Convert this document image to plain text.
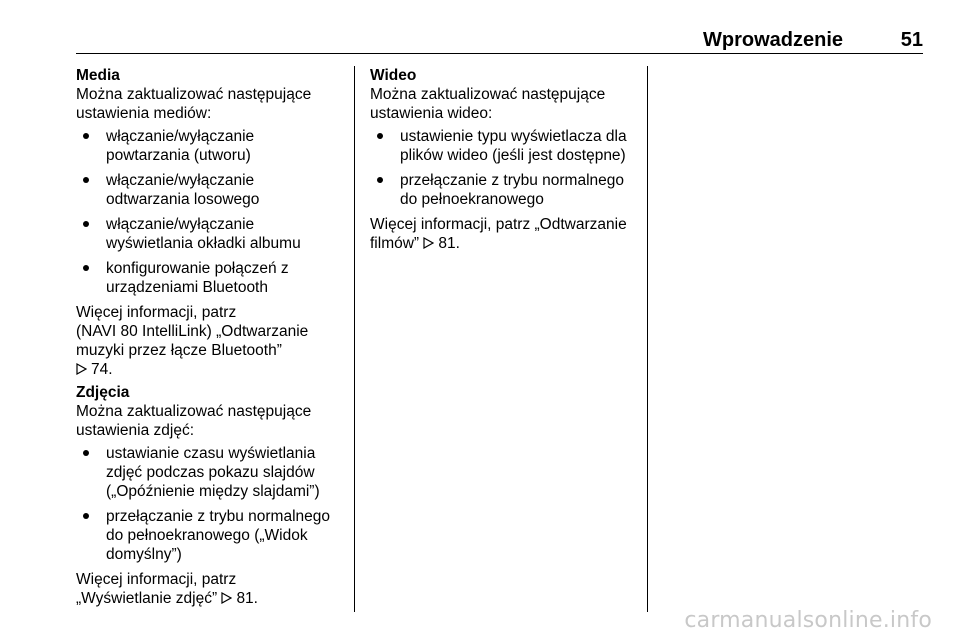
Wprowadzenie	51
Media
Można zaktualizować następujące
ustawienia mediów:
włączanie/wyłączanie
powtarzania (utworu)
włączanie/wyłączanie
odtwarzania losowego
włączanie/wyłączanie
wyświetlania okładki albumu
konfigurowanie połączeń z
urządzeniami Bluetooth
Więcej informacji, patrz
(NAVI 80 IntelliLink) „Odtwarzanie
muzyki przez łącze Bluetooth”
74.
Zdjęcia
Można zaktualizować następujące
ustawienia zdjęć:
ustawianie czasu wyświetlania
zdjęć podczas pokazu slajdów
(„Opóźnienie między slajdami”)
przełączanie z trybu normalnego
do pełnoekranowego („Widok
domyślny”)
Więcej informacji, patrz
„Wyświetlanie zdjęć” 81.
Wideo
Można zaktualizować następujące
ustawienia wideo:
ustawienie typu wyświetlacza dla
plików wideo (jeśli jest dostępne)
przełączanie z trybu normalnego
do pełnoekranowego
Więcej informacji, patrz „Odtwarzanie
filmów” 81.
carmanualsonline.info
